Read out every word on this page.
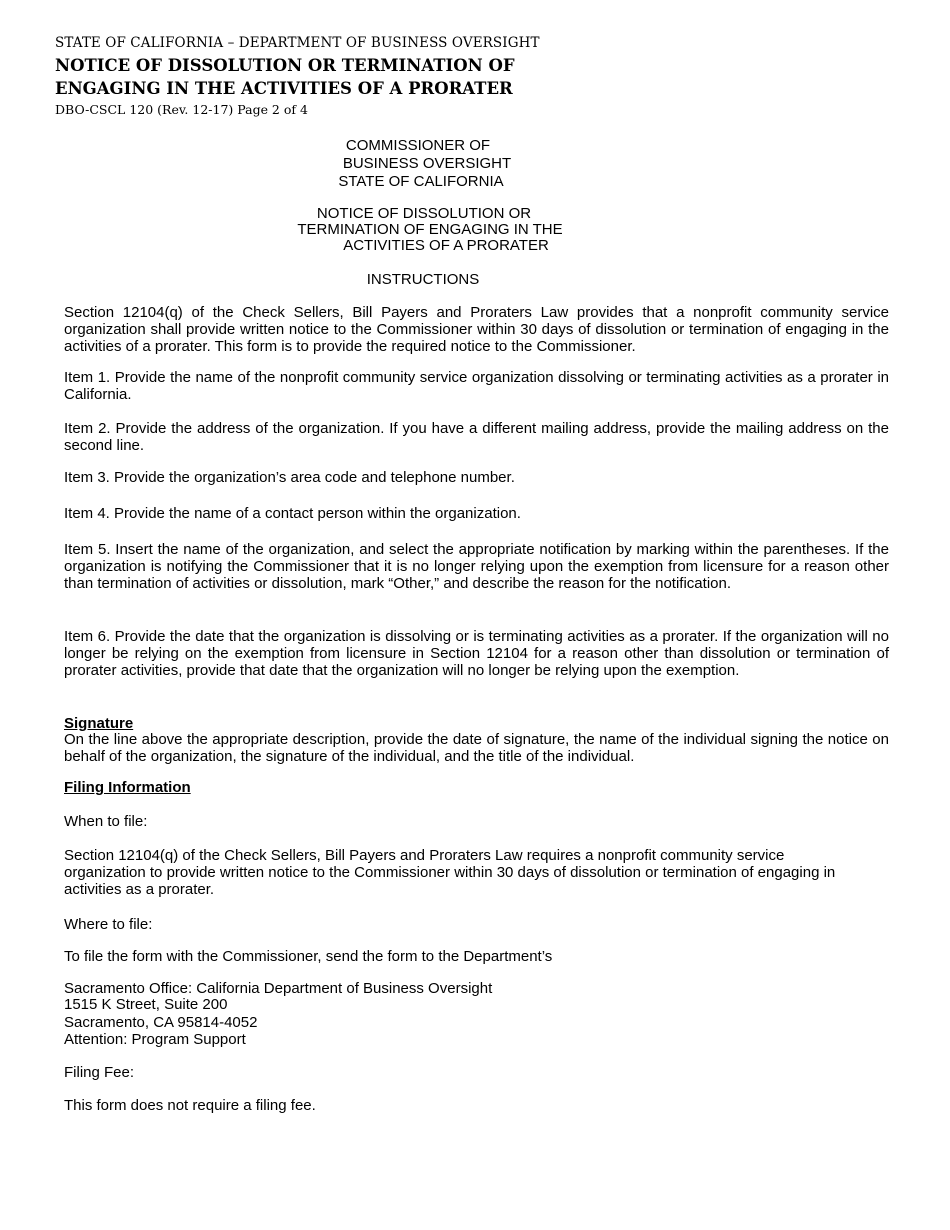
STATE OF CALIFORNIA – DEPARTMENT OF BUSINESS OVERSIGHT
NOTICE OF DISSOLUTION OR TERMINATION OF
ENGAGING IN THE ACTIVITIES OF A PRORATER
DBO-CSCL 120 (Rev. 12-17) Page 2 of 4
COMMISSIONER OF
BUSINESS OVERSIGHT
STATE OF CALIFORNIA
NOTICE OF DISSOLUTION OR
TERMINATION OF ENGAGING IN THE
ACTIVITIES OF A PRORATER
INSTRUCTIONS
Section 12104(q) of the Check Sellers, Bill Payers and Proraters Law provides that a nonprofit community service organization shall provide written notice to the Commissioner within 30 days of dissolution or termination of engaging in the activities of a prorater. This form is to provide the required notice to the Commissioner.
Item 1. Provide the name of the nonprofit community service organization dissolving or terminating activities as a prorater in California.
Item 2. Provide the address of the organization. If you have a different mailing address, provide the mailing address on the second line.
Item 3. Provide the organization’s area code and telephone number.
Item 4. Provide the name of a contact person within the organization.
Item 5. Insert the name of the organization, and select the appropriate notification by marking within the parentheses. If the organization is notifying the Commissioner that it is no longer relying upon the exemption from licensure for a reason other than termination of activities or dissolution, mark “Other,” and describe the reason for the notification.
Item 6. Provide the date that the organization is dissolving or is terminating activities as a prorater. If the organization will no longer be relying on the exemption from licensure in Section 12104 for a reason other than dissolution or termination of prorater activities, provide that date that the organization will no longer be relying upon the exemption.
Signature
On the line above the appropriate description, provide the date of signature, the name of the individual signing the notice on behalf of the organization, the signature of the individual, and the title of the individual.
Filing Information
When to file:
Section 12104(q) of the Check Sellers, Bill Payers and Proraters Law requires a nonprofit community service organization to provide written notice to the Commissioner within 30 days of dissolution or termination of engaging in activities as a prorater.
Where to file:
To file the form with the Commissioner, send the form to the Department’s
Sacramento Office: California Department of Business Oversight
1515 K Street, Suite 200
Sacramento, CA 95814-4052
Attention: Program Support
Filing Fee:
This form does not require a filing fee.
